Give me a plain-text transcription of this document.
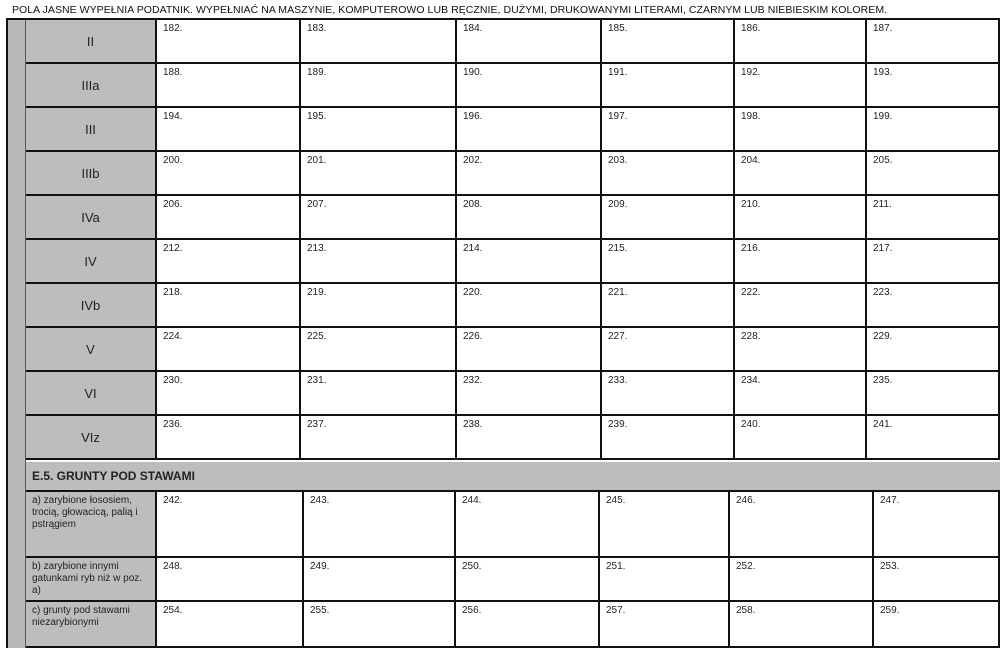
POLA JASNE WYPEŁNIA PODATNIK. WYPEŁNIAĆ NA MASZYNIE, KOMPUTEROWO LUB RĘCZNIE, DUŻYMI, DRUKOWANYMI LITERAMI, CZARNYM LUB NIEBIESKIM KOLOREM.
E.5. GRUNTY POD STAWAMI
II
182.	183.	184.	185.	186.	187.
IIIa
188.	189.	190.	191.	192.	193.
III
194.	195.	196.	197.	198.	199.
IIIb
200.	201.	202.	203.	204.	205.
IVa
206.	207.	208.	209.	210.	211.
IV
212.	213.	214.	215.	216.	217.
IVb
218.	219.	220.	221.	222.	223.
V
224.	225.	226.	227.	228.	229.
VI
230.	231.	232.	233.	234.	235.
VIz
236.	237.	238.	239.	240.	241.
a) zarybione łososiem, trocią, głowacicą, palią i pstrągiem
242.	243.	244.	245.	246.	247.
b) zarybione innymi gatunkami ryb niż w poz. a)
248.	249.	250.	251.	252.	253.
c) grunty pod stawami niezarybionymi
254.	255.	256.	257.	258.	259.
